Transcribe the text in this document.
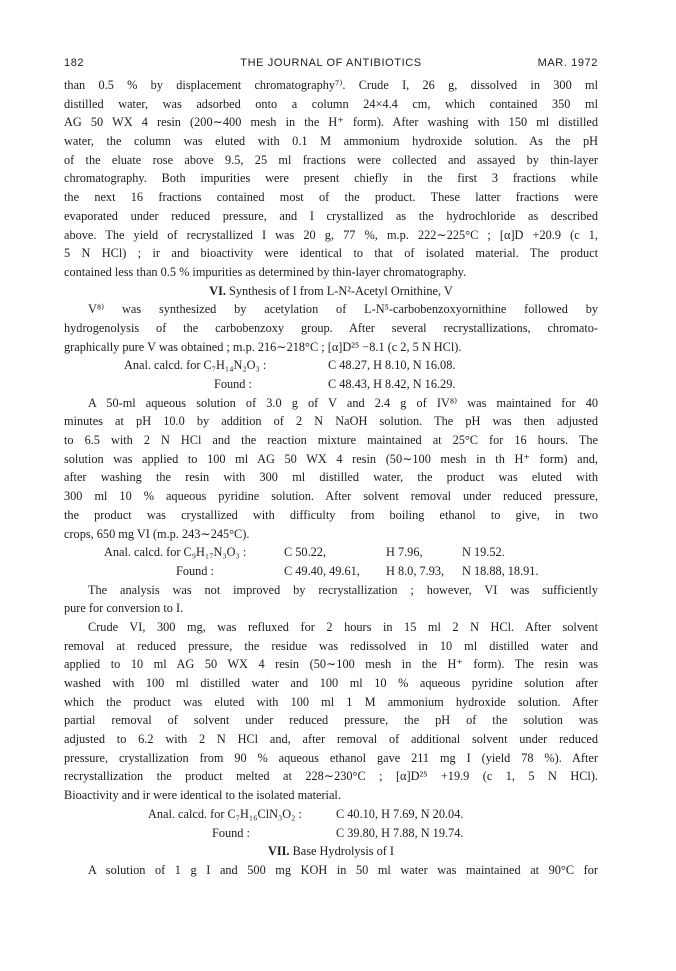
182	THE JOURNAL OF ANTIBIOTICS	MAR. 1972
than 0.5 % by displacement chromatography⁷⁾. Crude I, 26 g, dissolved in 300 ml
distilled water, was adsorbed onto a column 24×4.4 cm, which contained 350 ml
AG 50 WX 4 resin (200∼400 mesh in the H⁺ form). After washing with 150 ml distilled
water, the column was eluted with 0.1 M ammonium hydroxide solution. As the pH
of the eluate rose above 9.5, 25 ml fractions were collected and assayed by thin-layer
chromatography. Both impurities were present chiefly in the first 3 fractions while
the next 16 fractions contained most of the product. These latter fractions were
evaporated under reduced pressure, and I crystallized as the hydrochloride as described
above. The yield of recrystallized I was 20 g, 77 %, m.p. 222∼225°C ; [α]D +20.9 (c 1,
5 N HCl) ; ir and bioactivity were identical to that of isolated material. The product
contained less than 0.5 % impurities as determined by thin-layer chromatography.
VI. Synthesis of I from L-N²-Acetyl Ornithine, V
V⁸⁾ was synthesized by acetylation of L-N⁵-carbobenzoxyornithine followed by
hydrogenolysis of the carbobenzoxy group. After several recrystallizations, chromato-
graphically pure V was obtained ; m.p. 216∼218°C ; [α]D²⁵ −8.1 (c 2, 5 N HCl).
Anal. calcd. for C₇H₁₄N₂O₃ :	C 48.27, H 8.10, N 16.08.
Found :	C 48.43, H 8.42, N 16.29.
A 50-ml aqueous solution of 3.0 g of V and 2.4 g of IV⁸⁾ was maintained for 40
minutes at pH 10.0 by addition of 2 N NaOH solution. The pH was then adjusted
to 6.5 with 2 N HCl and the reaction mixture maintained at 25°C for 16 hours. The
solution was applied to 100 ml AG 50 WX 4 resin (50∼100 mesh in th H⁺ form) and,
after washing the resin with 300 ml distilled water, the product was eluted with
300 ml 10 % aqueous pyridine solution. After solvent removal under reduced pressure,
the product was crystallized with difficulty from boiling ethanol to give, in two
crops, 650 mg VI (m.p. 243∼245°C).
Anal. calcd. for C₉H₁₇N₃O₃ :	C 50.22,	H 7.96,	N 19.52.
Found :	C 49.40, 49.61, H 8.0, 7.93, N 18.88, 18.91.
The analysis was not improved by recrystallization ; however, VI was sufficiently
pure for conversion to I.
Crude VI, 300 mg, was refluxed for 2 hours in 15 ml 2 N HCl. After solvent
removal at reduced pressure, the residue was redissolved in 10 ml distilled water and
applied to 10 ml AG 50 WX 4 resin (50∼100 mesh in the H⁺ form). The resin was
washed with 100 ml distilled water and 100 ml 10 % aqueous pyridine solution after
which the product was eluted with 100 ml 1 M ammonium hydroxide solution. After
partial removal of solvent under reduced pressure, the pH of the solution was
adjusted to 6.2 with 2 N HCl and, after removal of additional solvent under reduced
pressure, crystallization from 90 % aqueous ethanol gave 211 mg I (yield 78 %). After
recrystallization the product melted at 228∼230°C ; [α]D²⁵ +19.9 (c 1, 5 N HCl).
Bioactivity and ir were identical to the isolated material.
Anal. calcd. for C₇H₁₆ClN₃O₂ :	C 40.10, H 7.69, N 20.04.
Found :	C 39.80, H 7.88, N 19.74.
VII. Base Hydrolysis of I
A solution of 1 g I and 500 mg KOH in 50 ml water was maintained at 90°C for
